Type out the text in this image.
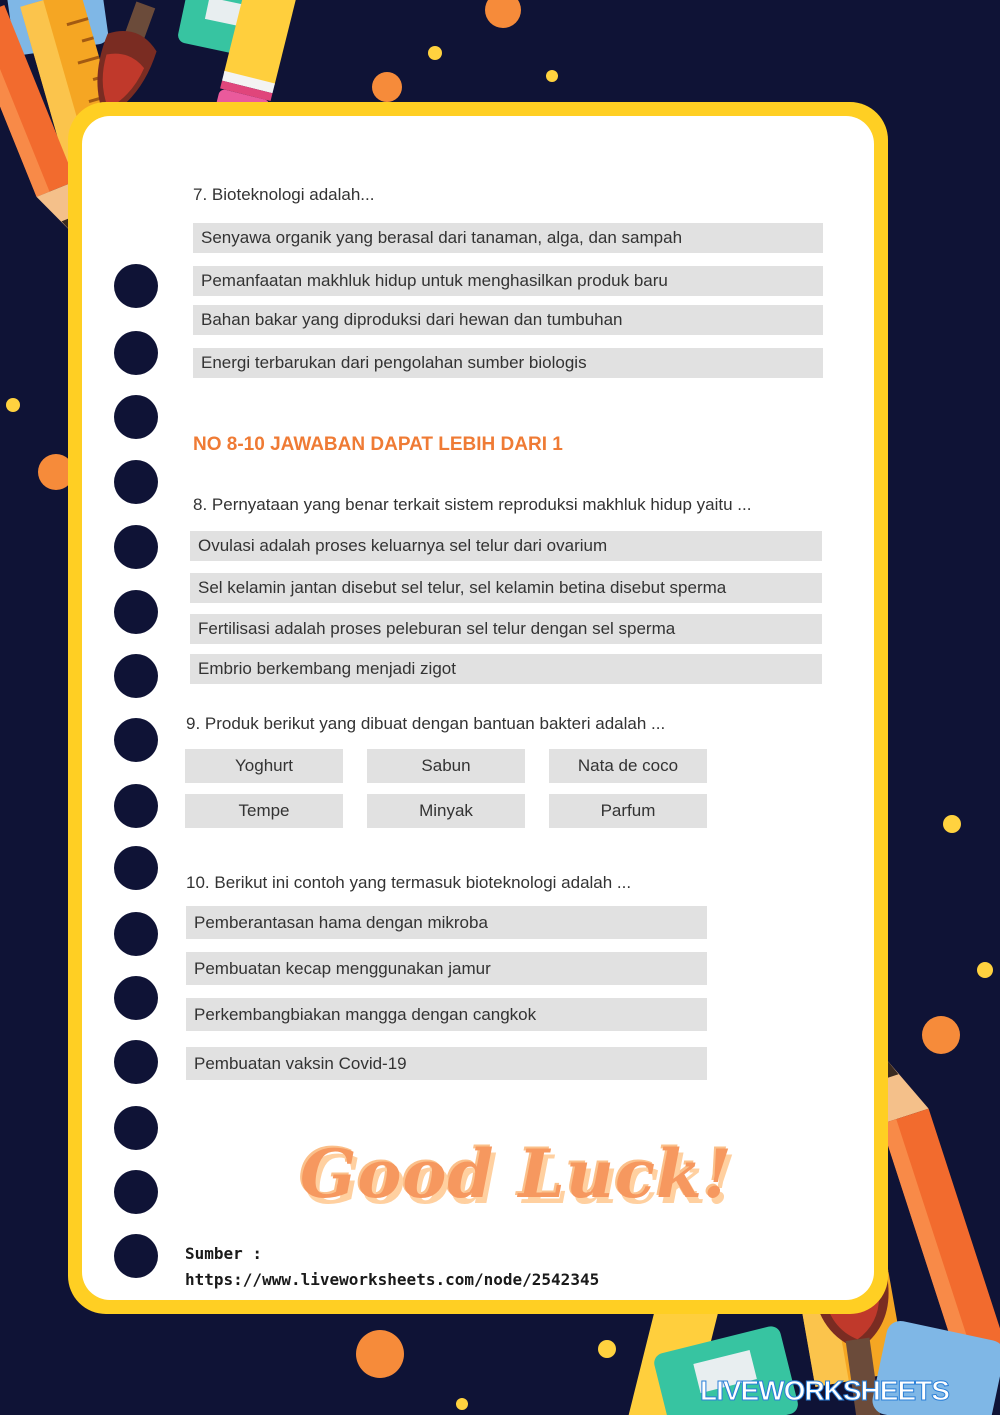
7. Bioteknologi adalah...
Senyawa organik yang berasal dari tanaman, alga, dan sampah
Pemanfaatan makhluk hidup untuk menghasilkan produk baru
Bahan bakar yang diproduksi dari hewan dan tumbuhan
Energi terbarukan dari pengolahan sumber biologis
NO 8-10 JAWABAN DAPAT LEBIH DARI 1
8. Pernyataan yang benar terkait sistem reproduksi makhluk hidup yaitu ...
Ovulasi adalah proses keluarnya sel telur dari ovarium
Sel kelamin jantan disebut sel telur, sel kelamin betina disebut sperma
Fertilisasi adalah proses peleburan sel telur dengan sel sperma
Embrio berkembang menjadi zigot
9. Produk berikut yang dibuat dengan bantuan bakteri adalah ...
Yoghurt	Sabun	Nata de coco
Tempe	Minyak	Parfum
10. Berikut ini contoh yang termasuk bioteknologi adalah ...
Pemberantasan hama dengan mikroba
Pembuatan kecap menggunakan jamur
Perkembangbiakan mangga dengan cangkok
Pembuatan vaksin Covid-19
Good Luck!
Sumber :
https://www.liveworksheets.com/node/2542345
LIVEWORKSHEETS
